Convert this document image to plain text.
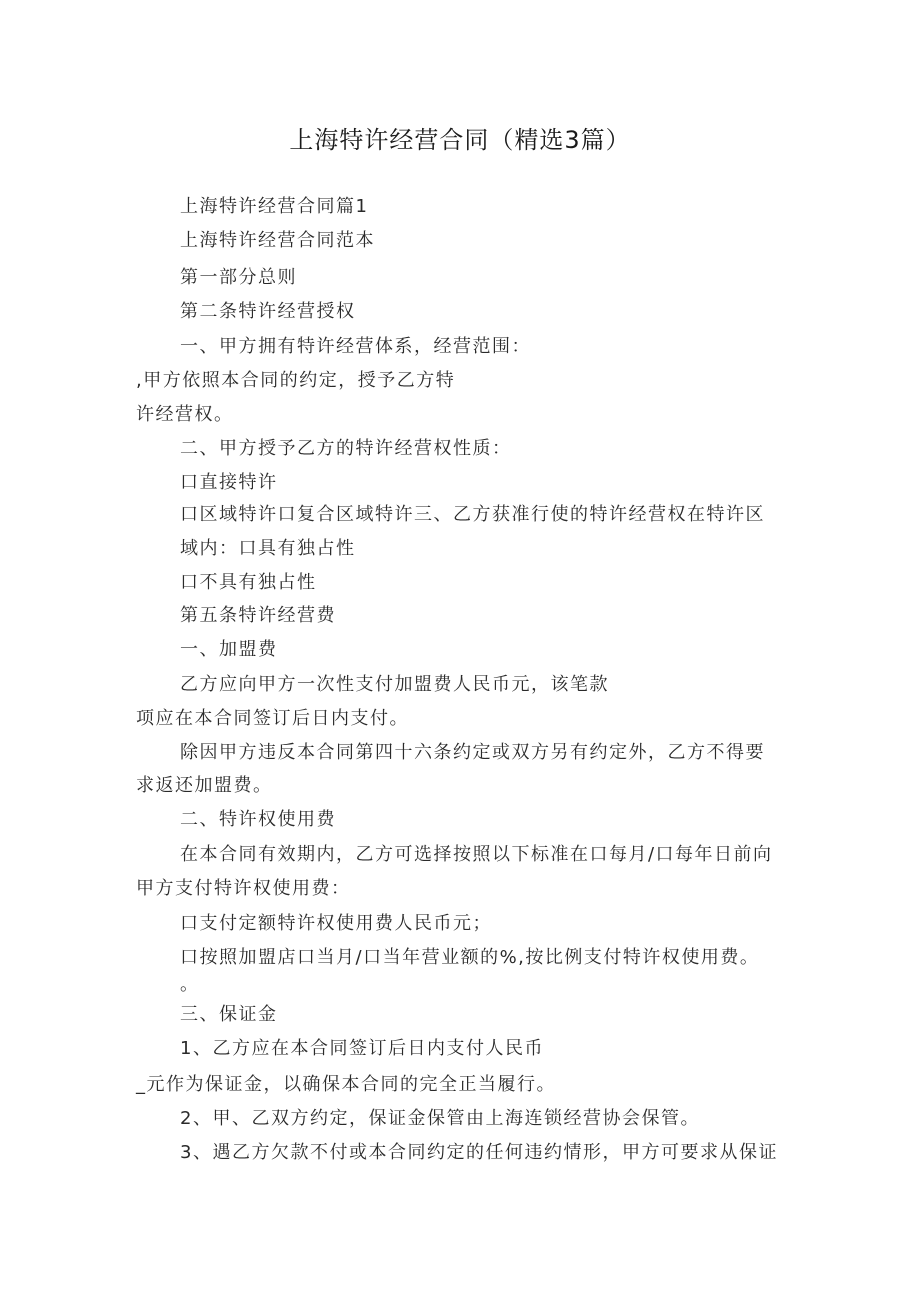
上海特许经营合同（精选3篇）
上海特许经营合同篇1
上海特许经营合同范本
第一部分总则
第二条特许经营授权
一、甲方拥有特许经营体系，经营范围：
,甲方依照本合同的约定，授予乙方特
许经营权。
二、甲方授予乙方的特许经营权性质：
口直接特许
口区域特许口复合区域特许三、乙方获准行使的特许经营权在特许区
域内：口具有独占性
口不具有独占性
第五条特许经营费
一、加盟费
乙方应向甲方一次性支付加盟费人民币元，该笔款
项应在本合同签订后日内支付。
除因甲方违反本合同第四十六条约定或双方另有约定外，乙方不得要
求返还加盟费。
二、特许权使用费
在本合同有效期内，乙方可选择按照以下标准在口每月/口每年日前向
甲方支付特许权使用费：
口支付定额特许权使用费人民币元；
口按照加盟店口当月/口当年营业额的%,按比例支付特许权使用费。
。
三、保证金
1、乙方应在本合同签订后日内支付人民币
_元作为保证金，以确保本合同的完全正当履行。
2、甲、乙双方约定，保证金保管由上海连锁经营协会保管。
3、遇乙方欠款不付或本合同约定的任何违约情形，甲方可要求从保证
